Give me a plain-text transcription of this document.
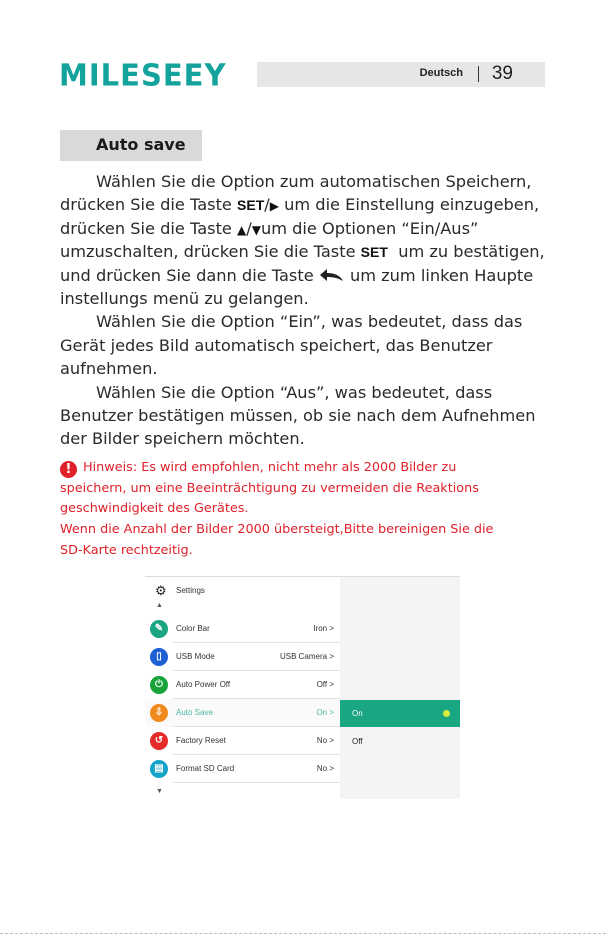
MILESEEY	Deutsch 39
Auto save
Wählen Sie die Option zum automatischen Speichern,
drücken Sie die Taste SET/▶ um die Einstellung einzugeben,
drücken Sie die Taste ▲/▼um die Optionen “Ein/Aus”
umzuschalten, drücken Sie die Taste SET  um zu bestätigen,
und drücken Sie dann die Taste  um zum linken Haupte
instellungs menü zu gelangen.
Wählen Sie die Option “Ein”, was bedeutet, dass das
Gerät jedes Bild automatisch speichert, das Benutzer
aufnehmen.
Wählen Sie die Option “Aus”, was bedeutet, dass
Benutzer bestätigen müssen, ob sie nach dem Aufnehmen
der Bilder speichern möchten.
! Hinweis: Es wird empfohlen, nicht mehr als 2000 Bilder zu
speichern, um eine Beeinträchtigung zu vermeiden die Reaktions
geschwindigkeit des Gerätes.
Wenn die Anzahl der Bilder 2000 übersteigt,Bitte bereinigen Sie die
SD-Karte rechtzeitig.
⚙ Settings
▲
✎	Color Bar	Iron >
▯	USB Mode	USB Camera >
⏻	Auto Power Off	Off >
⇩	Auto Save	On >
↺	Factory Reset	No >
▤	Format SD Card	No >
▼
On
Off
